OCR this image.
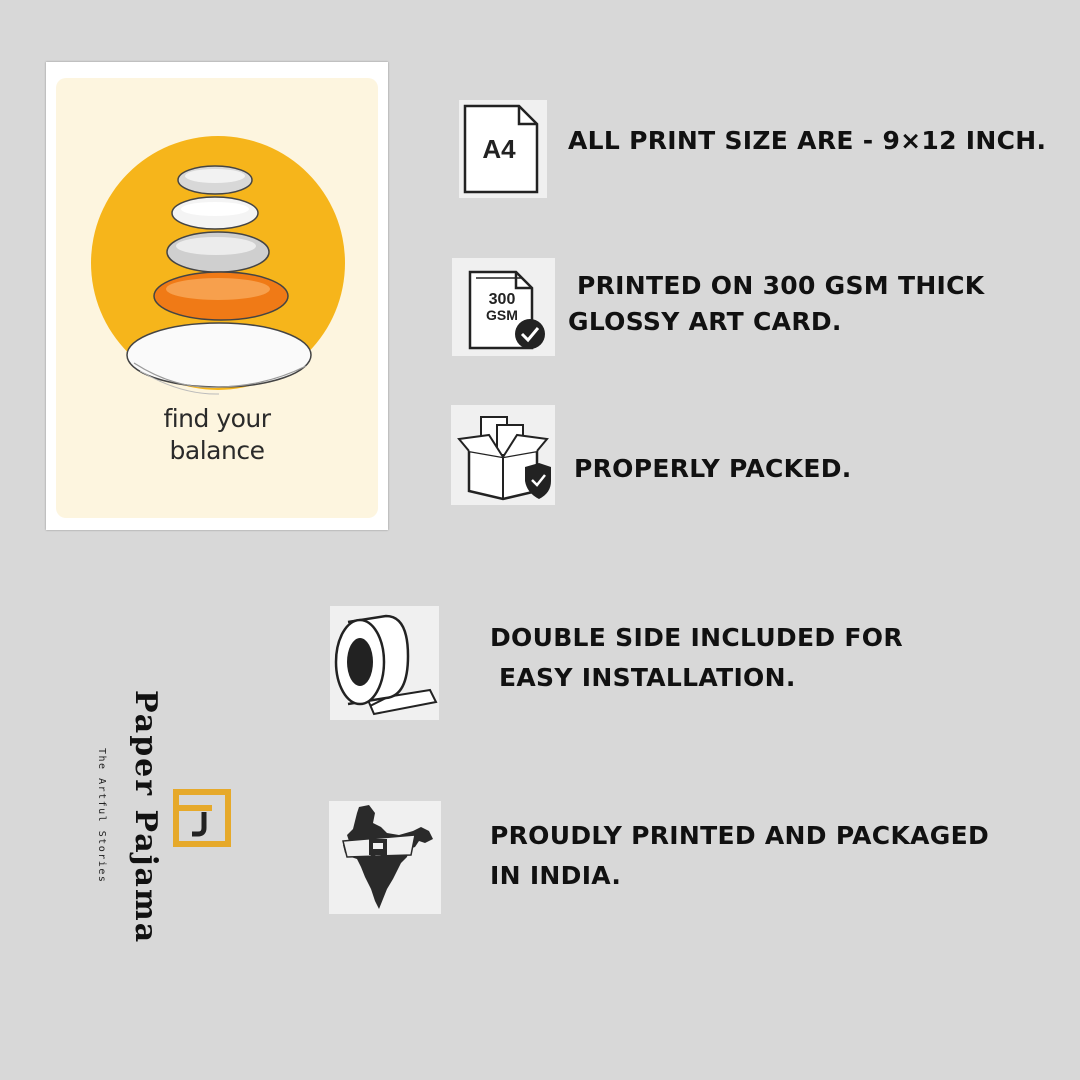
find your
balance
A4 ALL PRINT SIZE ARE - 9×12 INCH.
300
GSM
PRINTED ON 300 GSM THICK
GLOSSY ART CARD.
PROPERLY PACKED.
DOUBLE SIDE INCLUDED FOR
EASY INSTALLATION.
PROUDLY PRINTED AND PACKAGED
IN INDIA.
Paper Pajama
The Artful Stories
